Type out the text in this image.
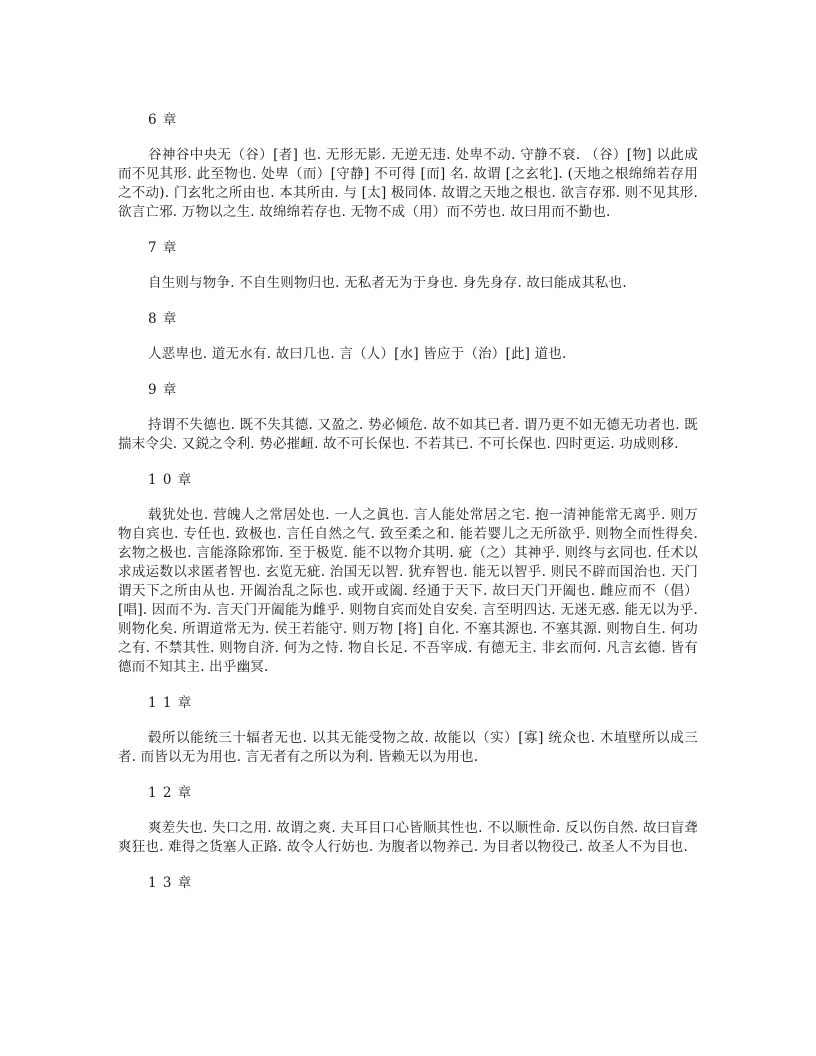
6 章

谷神谷中央无（谷）[者] 也. 无形无影. 无逆无违. 处卑不动. 守静不衰. （谷）[物] 以此成而不见其形. 此至物也. 处卑（而）[守静] 不可得 [而] 名. 故谓 [之玄牝]. (天地之根绵绵若存用之不动). 门玄牝之所由也. 本其所由. 与 [太] 极同体. 故谓之天地之根也. 欲言存邪. 则不见其形. 欲言亡邪. 万物以之生. 故绵绵若存也. 无物不成（用）而不劳也. 故曰用而不勤也.

7 章

自生则与物争. 不自生则物归也. 无私者无为于身也. 身先身存. 故曰能成其私也.

8 章

人恶卑也. 道无水有. 故曰几也. 言（人）[水] 皆应于（治）[此] 道也.

9 章

持谓不失德也. 既不失其德. 又盈之. 势必倾危. 故不如其已者. 谓乃更不如无德无功者也. 既揣末令尖. 又鋭之令利. 势必摧衄. 故不可长保也. 不若其已. 不可长保也. 四时更运. 功成则移.

1 0 章

载犹处也. 营魄人之常居处也. 一人之眞也. 言人能处常居之宅. 抱一清神能常无离乎. 则万物自宾也. 专任也. 致极也. 言任自然之气. 致至柔之和. 能若婴儿之无所欲乎. 则物全而性得矣. 玄物之极也. 言能涤除邪饰. 至于极览. 能不以物介其明. 疵（之）其神乎. 则终与玄同也. 任术以求成运数以求匿者智也. 玄览无疵. 治国无以智. 犹弃智也. 能无以智乎. 则民不辟而国治也. 天门谓天下之所由从也. 开阖治乱之际也. 或开或阖. 经通于天下. 故曰天门开阖也. 雌应而不（倡）[唱]. 因而不为. 言天门开阖能为雌乎. 则物自宾而处自安矣. 言至明四达. 无迷无惑. 能无以为乎. 则物化矣. 所谓道常无为. 侯王若能守. 则万物 [将] 自化. 不塞其源也. 不塞其源. 则物自生. 何功之有. 不禁其性. 则物自济. 何为之恃. 物自长足. 不吾宰成. 有德无主. 非玄而何. 凡言玄德. 皆有德而不知其主. 出乎幽冥.

1 1 章

毂所以能统三十辐者无也. 以其无能受物之故. 故能以（实）[寡] 统众也. 木埴壁所以成三者. 而皆以无为用也. 言无者有之所以为利. 皆赖无以为用也.

1 2 章

爽差失也. 失口之用. 故谓之爽. 夫耳目口心皆顺其性也. 不以顺性命. 反以伤自然. 故曰盲聋爽狂也. 难得之货塞人正路. 故令人行妨也. 为腹者以物养己. 为目者以物役己. 故圣人不为目也.

1 3 章
